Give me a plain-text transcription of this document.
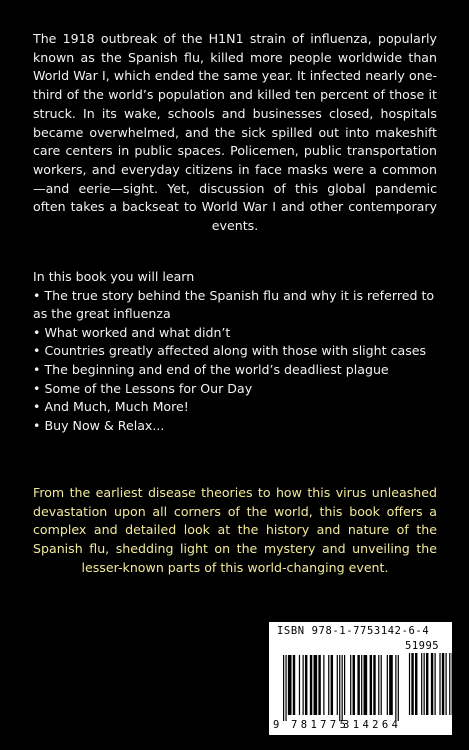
The 1918 outbreak of the H1N1 strain of influenza, popularly known as the Spanish flu, killed more people worldwide than World War I, which ended the same year. It infected nearly one-third of the world’s population and killed ten percent of those it struck. In its wake, schools and businesses closed, hospitals became overwhelmed, and the sick spilled out into makeshift care centers in public spaces. Policemen, public transportation workers, and everyday citizens in face masks were a common—and eerie—sight. Yet, discussion of this global pandemic often takes a backseat to World War I and other contemporary events.

In this book you will learn

• The true story behind the Spanish flu and why it is referred to as the great influenza
• What worked and what didn’t
• Countries greatly affected along with those with slight cases
• The beginning and end of the world’s deadliest plague
• Some of the Lessons for Our Day
• And Much, Much More!
• Buy Now & Relax...

From the earliest disease theories to how this virus unleashed devastation upon all corners of the world, this book offers a complex and detailed look at the history and nature of the Spanish flu, shedding light on the mystery and unveiling the lesser-known parts of this world-changing event.

ISBN 978-1-7753142-6-4
51995
9 781775
314264
